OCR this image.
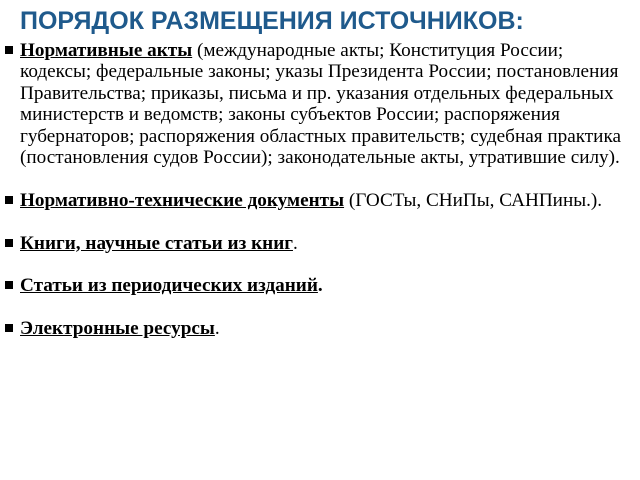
ПОРЯДОК РАЗМЕЩЕНИЯ ИСТОЧНИКОВ:
Нормативные акты (международные акты; Конституция России; кодексы; федеральные законы; указы Президента России; постановления Правительства; приказы, письма и пр. указания отдельных федеральных министерств и ведомств; законы субъектов России; распоряжения губернаторов; распоряжения областных правительств; судебная практика (постановления судов России); законодательные акты, утратившие силу).
Нормативно-технические документы (ГОСТы, СНиПы, САНПины.).
Книги, научные статьи из книг.
Статьи из периодических изданий.
Электронные ресурсы.
